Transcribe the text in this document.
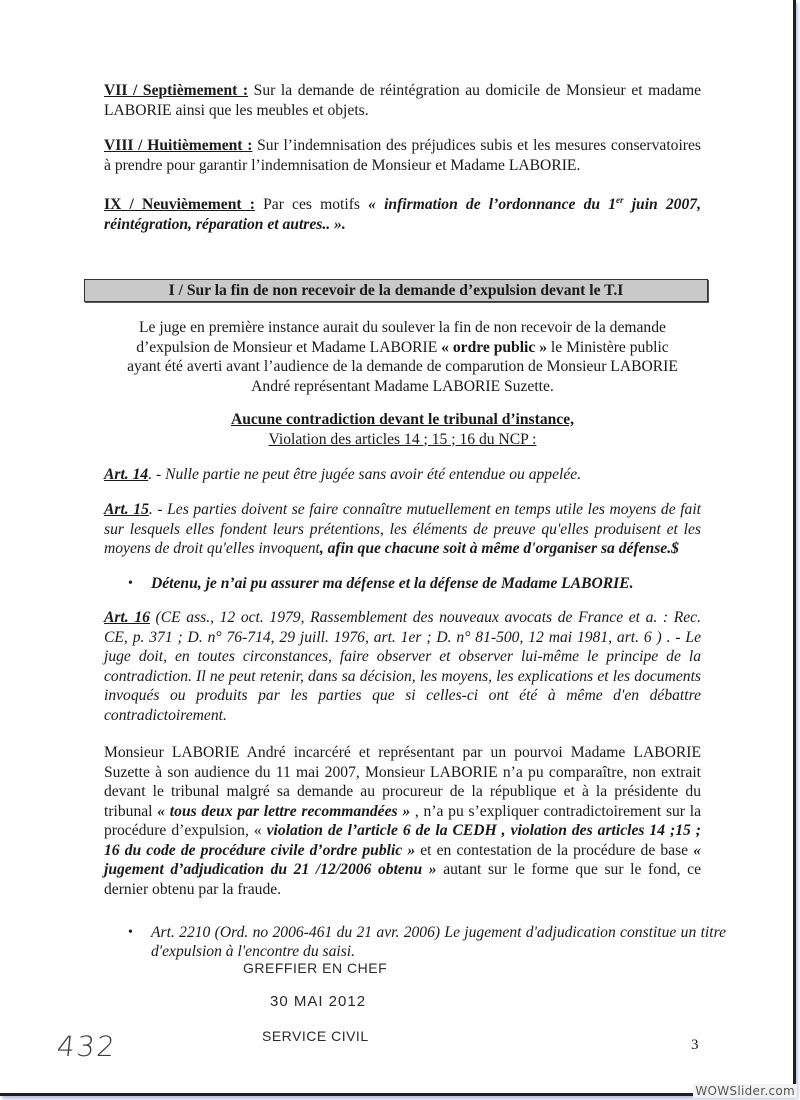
VII / Septièmement : Sur la demande de réintégration au domicile de Monsieur et madame LABORIE ainsi que les meubles et objets.

VIII / Huitièmement : Sur l’indemnisation des préjudices subis et les mesures conservatoires à prendre pour garantir l’indemnisation de Monsieur et Madame LABORIE.

IX / Neuvièmement : Par ces motifs « infirmation de l’ordonnance du 1er juin 2007, réintégration, réparation et autres.. ».

I / Sur la fin de non recevoir de la demande d’expulsion devant le T.I

Le juge en première instance aurait du soulever la fin de non recevoir de la demande d’expulsion de Monsieur et Madame LABORIE « ordre public » le Ministère public ayant été averti avant l’audience de la demande de comparution de Monsieur LABORIE André représentant Madame LABORIE Suzette.

Aucune contradiction devant le tribunal d’instance,

Violation des articles 14 ; 15 ; 16 du NCP :

Art. 14. - Nulle partie ne peut être jugée sans avoir été entendue ou appelée.

Art. 15. - Les parties doivent se faire connaître mutuellement en temps utile les moyens de fait sur lesquels elles fondent leurs prétentions, les éléments de preuve qu'elles produisent et les moyens de droit qu'elles invoquent, afin que chacune soit à même d'organiser sa défense.$

• Détenu, je n’ai pu assurer ma défense et la défense de Madame LABORIE.

Art. 16 (CE ass., 12 oct. 1979, Rassemblement des nouveaux avocats de France et a. : Rec. CE, p. 371 ; D. n° 76-714, 29 juill. 1976, art. 1er ; D. n° 81-500, 12 mai 1981, art. 6 ) . - Le juge doit, en toutes circonstances, faire observer et observer lui-même le principe de la contradiction. Il ne peut retenir, dans sa décision, les moyens, les explications et les documents invoqués ou produits par les parties que si celles-ci ont été à même d'en débattre contradictoirement.

Monsieur LABORIE André incarcéré et représentant par un pourvoi Madame LABORIE Suzette à son audience du 11 mai 2007, Monsieur LABORIE n’a pu comparaître, non extrait devant le tribunal malgré sa demande au procureur de la république et à la présidente du tribunal « tous deux par lettre recommandées » , n’a pu s’expliquer contradictoirement sur la procédure d’expulsion, « violation de l’article 6 de la CEDH , violation des articles 14 ;15 ; 16 du code de procédure civile d’ordre public » et en contestation de la procédure de base « jugement d’adjudication du 21 /12/2006 obtenu » autant sur le forme que sur le fond, ce dernier obtenu par la fraude.

• Art. 2210 (Ord. no 2006-461 du 21 avr. 2006) Le jugement d'adjudication constitue un titre d'expulsion à l'encontre du saisi.
GREFFIER EN CHEF
30 MAI 2012
SERVICE CIVIL
432	3
WOWSlider.com
